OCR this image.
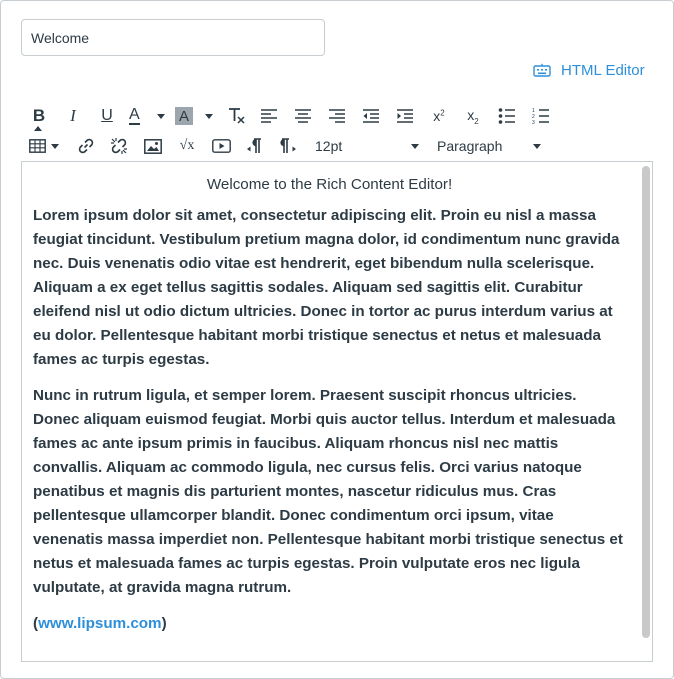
Welcome
HTML Editor
B I U A	A	$x^2$ $x_2$
1
2
3
√x	12pt	Paragraph

Welcome to the Rich Content Editor!

Lorem ipsum dolor sit amet, consectetur adipiscing elit. Proin eu nisl a massa feugiat tincidunt. Vestibulum pretium magna dolor, id condimentum nunc gravida nec. Duis venenatis odio vitae est hendrerit, eget bibendum nulla scelerisque. Aliquam a ex eget tellus sagittis sodales. Aliquam sed sagittis elit. Curabitur eleifend nisl ut odio dictum ultricies. Donec in tortor ac purus interdum varius at eu dolor. Pellentesque habitant morbi tristique senectus et netus et malesuada fames ac turpis egestas.

Nunc in rutrum ligula, et semper lorem. Praesent suscipit rhoncus ultricies. Donec aliquam euismod feugiat. Morbi quis auctor tellus. Interdum et malesuada fames ac ante ipsum primis in faucibus. Aliquam rhoncus nisl nec mattis convallis. Aliquam ac commodo ligula, nec cursus felis. Orci varius natoque penatibus et magnis dis parturient montes, nascetur ridiculus mus. Cras pellentesque ullamcorper blandit. Donec condimentum orci ipsum, vitae venenatis massa imperdiet non. Pellentesque habitant morbi tristique senectus et netus et malesuada fames ac turpis egestas. Proin vulputate eros nec ligula vulputate, at gravida magna rutrum.

(www.lipsum.com)
